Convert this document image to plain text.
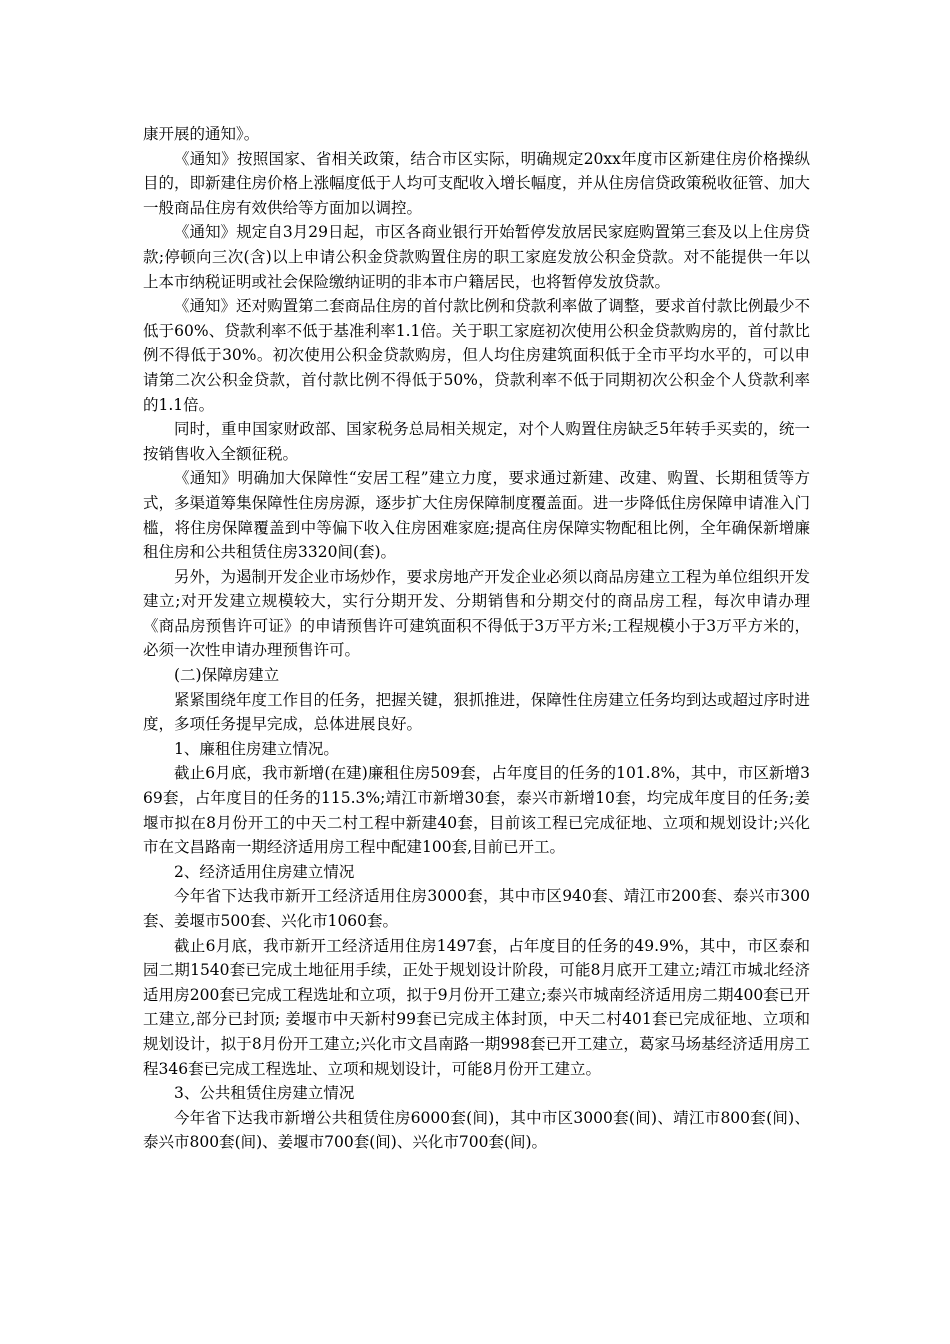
康开展的通知》。

《通知》按照国家、省相关政策，结合市区实际，明确规定20xx年度市区新建住房价格操纵目的，即新建住房价格上涨幅度低于人均可支配收入增长幅度，并从住房信贷政策税收征管、加大一般商品住房有效供给等方面加以调控。

《通知》规定自3月29日起，市区各商业银行开始暂停发放居民家庭购置第三套及以上住房贷款;停顿向三次(含)以上申请公积金贷款购置住房的职工家庭发放公积金贷款。对不能提供一年以上本市纳税证明或社会保险缴纳证明的非本市户籍居民，也将暂停发放贷款。

《通知》还对购置第二套商品住房的首付款比例和贷款利率做了调整，要求首付款比例最少不低于60%、贷款利率不低于基准利率1.1倍。关于职工家庭初次使用公积金贷款购房的，首付款比例不得低于30%。初次使用公积金贷款购房，但人均住房建筑面积低于全市平均水平的，可以申请第二次公积金贷款，首付款比例不得低于50%，贷款利率不低于同期初次公积金个人贷款利率的1.1倍。

同时，重申国家财政部、国家税务总局相关规定，对个人购置住房缺乏5年转手买卖的，统一按销售收入全额征税。

《通知》明确加大保障性“安居工程”建立力度，要求通过新建、改建、购置、长期租赁等方式，多渠道筹集保障性住房房源，逐步扩大住房保障制度覆盖面。进一步降低住房保障申请准入门槛，将住房保障覆盖到中等偏下收入住房困难家庭;提高住房保障实物配租比例，全年确保新增廉租住房和公共租赁住房3320间(套)。

另外，为遏制开发企业市场炒作，要求房地产开发企业必须以商品房建立工程为单位组织开发建立;对开发建立规模较大，实行分期开发、分期销售和分期交付的商品房工程，每次申请办理《商品房预售许可证》的申请预售许可建筑面积不得低于3万平方米;工程规模小于3万平方米的，必须一次性申请办理预售许可。

(二)保障房建立

紧紧围绕年度工作目的任务，把握关键，狠抓推进，保障性住房建立任务均到达或超过序时进度，多项任务提早完成，总体进展良好。

1、廉租住房建立情况。

截止6月底，我市新增(在建)廉租住房509套，占年度目的任务的101.8%，其中，市区新增369套，占年度目的任务的115.3%;靖江市新增30套，泰兴市新增10套，均完成年度目的任务;姜堰市拟在8月份开工的中天二村工程中新建40套，目前该工程已完成征地、立项和规划设计;兴化市在文昌路南一期经济适用房工程中配建100套,目前已开工。

2、经济适用住房建立情况

今年省下达我市新开工经济适用住房3000套，其中市区940套、靖江市200套、泰兴市300套、姜堰市500套、兴化市1060套。

截止6月底，我市新开工经济适用住房1497套，占年度目的任务的49.9%，其中，市区泰和园二期1540套已完成土地征用手续，正处于规划设计阶段，可能8月底开工建立;靖江市城北经济适用房200套已完成工程选址和立项，拟于9月份开工建立;泰兴市城南经济适用房二期400套已开工建立,部分已封顶; 姜堰市中天新村99套已完成主体封顶，中天二村401套已完成征地、立项和规划设计，拟于8月份开工建立;兴化市文昌南路一期998套已开工建立，葛家马场基经济适用房工程346套已完成工程选址、立项和规划设计，可能8月份开工建立。

3、公共租赁住房建立情况

今年省下达我市新增公共租赁住房6000套(间)，其中市区3000套(间)、靖江市800套(间)、泰兴市800套(间)、姜堰市700套(间)、兴化市700套(间)。
